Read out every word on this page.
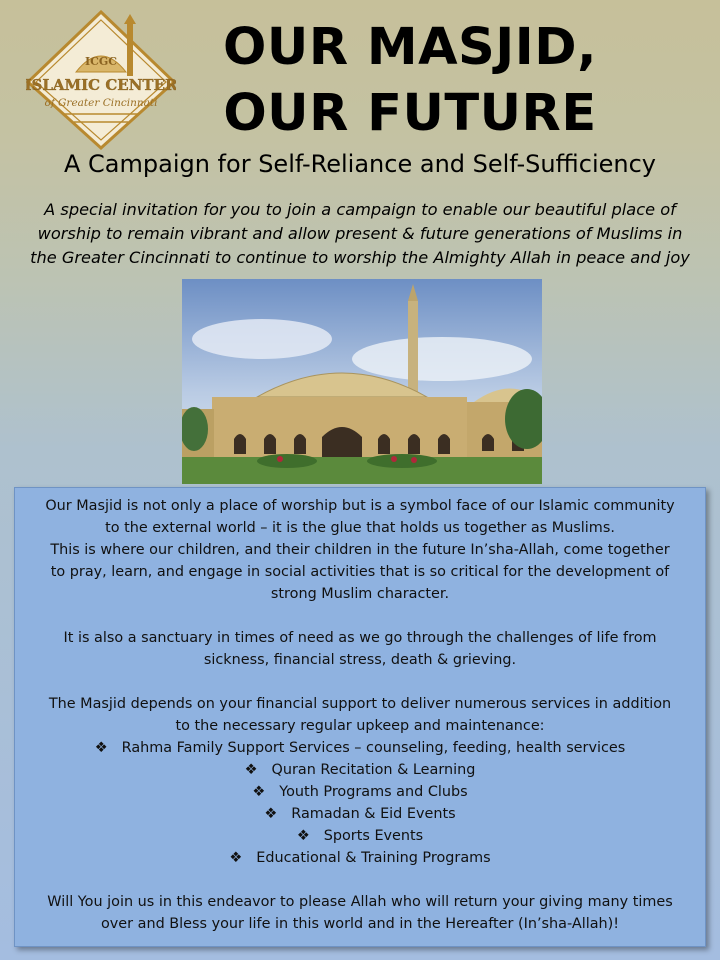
ICGC
ISLAMIC CENTER
of Greater Cincinnati
OUR MASJID,
OUR FUTURE
A Campaign for Self-Reliance and Self-Sufficiency
A special invitation for you to join a campaign to enable our beautiful place of
worship to remain vibrant and allow present & future generations of Muslims in
the Greater Cincinnati to continue to worship the Almighty Allah in peace and joy

Our Masjid is not only a place of worship but is a symbol face of our Islamic community

to the external world – it is the glue that holds us together as Muslims.

This is where our children, and their children in the future In’sha-Allah, come together

to pray, learn, and engage in social activities that is so critical for the development of

strong Muslim character.

It is also a sanctuary in times of need as we go through the challenges of life from

sickness, financial stress, death & grieving.

The Masjid depends on your financial support to deliver numerous services in addition

to the necessary regular upkeep and maintenance:

❖ Rahma Family Support Services – counseling, feeding, health services
❖ Quran Recitation & Learning
❖ Youth Programs and Clubs
❖ Ramadan & Eid Events
❖ Sports Events
❖ Educational & Training Programs

Will You join us in this endeavor to please Allah who will return your giving many times

over and Bless your life in this world and in the Hereafter (In’sha-Allah)!
